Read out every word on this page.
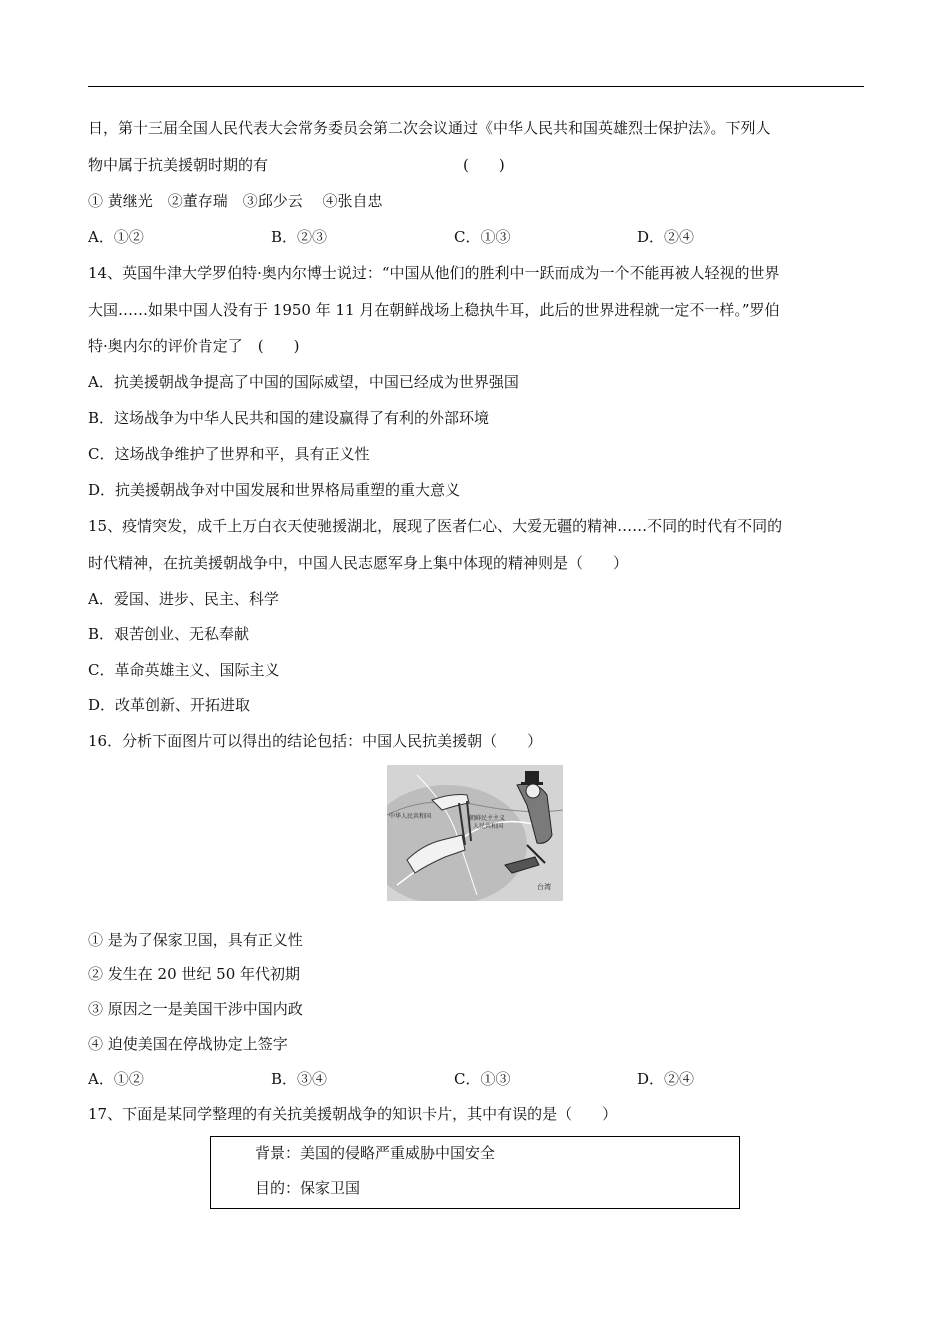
日，第十三届全国人民代表大会常务委员会第二次会议通过《中华人民共和国英雄烈士保护法》。下列人
物中属于抗美援朝时期的有	(　　)
① 黄继光　②董存瑞　③邱少云　 ④张自忠
A．①②	B．②③	C．①③	D．②④
14、英国牛津大学罗伯特·奥内尔博士说过：“中国从他们的胜利中一跃而成为一个不能再被人轻视的世界
大国……如果中国人没有于 1950 年 11 月在朝鲜战场上稳执牛耳，此后的世界进程就一定不一样。”罗伯
特·奥内尔的评价肯定了　(　　)
A．抗美援朝战争提高了中国的国际威望，中国已经成为世界强国
B．这场战争为中华人民共和国的建设赢得了有利的外部环境
C．这场战争维护了世界和平，具有正义性
D．抗美援朝战争对中国发展和世界格局重塑的重大意义
15、疫情突发，成千上万白衣天使驰援湖北，展现了医者仁心、大爱无疆的精神……不同的时代有不同的
时代精神，在抗美援朝战争中，中国人民志愿军身上集中体现的精神则是（　　）
A．爱国、进步、民主、科学
B．艰苦创业、无私奉献
C．革命英雄主义、国际主义
D．改革创新、开拓进取
16．分析下面图片可以得出的结论包括：中国人民抗美援朝（　　）
中华人民共和国	朝鲜民主主义
人民共和国
台湾
① 是为了保家卫国，具有正义性
② 发生在 20 世纪 50 年代初期
③ 原因之一是美国干涉中国内政
④ 迫使美国在停战协定上签字
A．①②	B．③④	C．①③	D．②④
17、下面是某同学整理的有关抗美援朝战争的知识卡片，其中有误的是（　　）
背景：美国的侵略严重威胁中国安全
目的：保家卫国
